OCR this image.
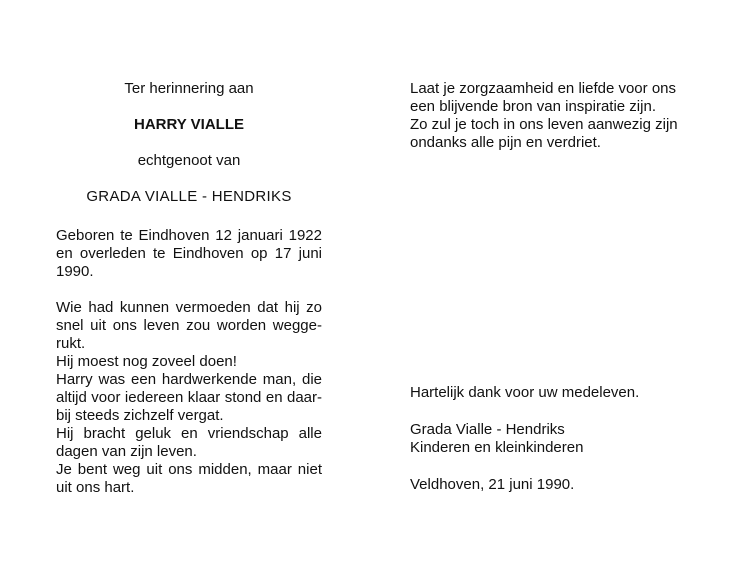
Ter herinnering aan

HARRY VIALLE

echtgenoot van

GRADA VIALLE - HENDRIKS

Geboren te Eindhoven 12 januari 1922
en overleden te Eindhoven op 17 juni
1990.
Wie had kunnen vermoeden dat hij zo
snel uit ons leven zou worden wegge-
rukt.
Hij moest nog zoveel doen!
Harry was een hardwerkende man, die
altijd voor iedereen klaar stond en daar-
bij steeds zichzelf vergat.
Hij bracht geluk en vriendschap alle
dagen van zijn leven.
Je bent weg uit ons midden, maar niet
uit ons hart.
Laat je zorgzaamheid en liefde voor ons
een blijvende bron van inspiratie zijn.
Zo zul je toch in ons leven aanwezig zijn
ondanks alle pijn en verdriet.
Hartelijk dank voor uw medeleven.
Grada Vialle - Hendriks
Kinderen en kleinkinderen
Veldhoven, 21 juni 1990.
